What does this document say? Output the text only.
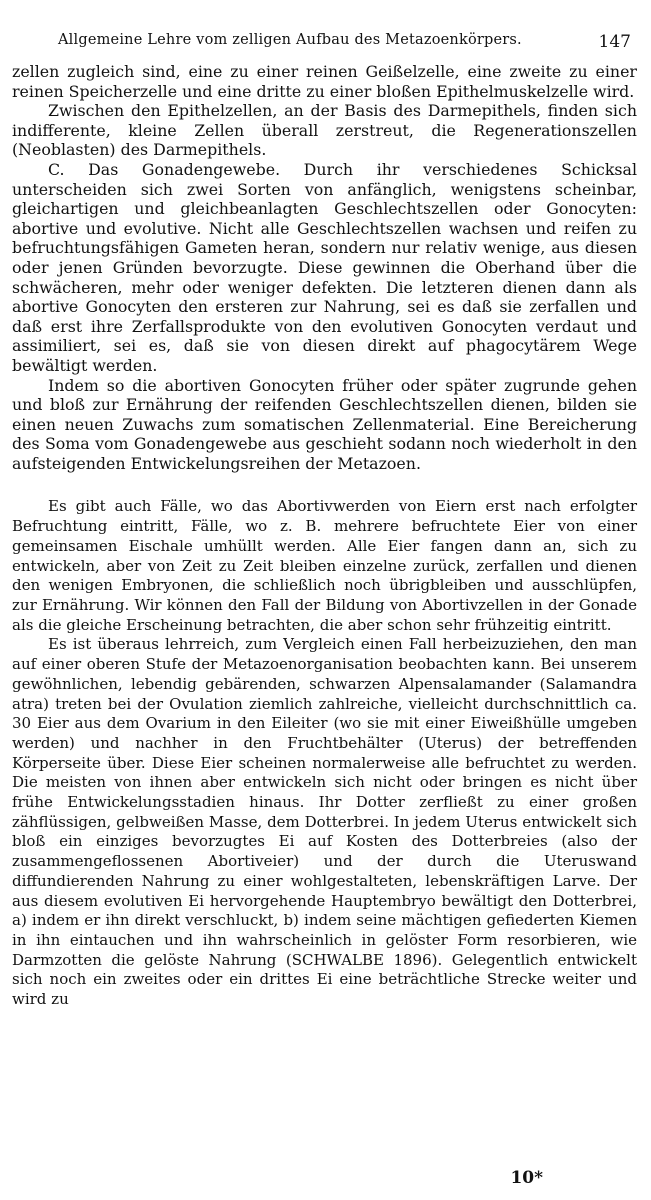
Allgemeine Lehre vom zelligen Aufbau des Metazoenkörpers.	147

zellen zugleich sind, eine zu einer reinen Geißelzelle, eine zweite zu einer reinen Speicherzelle und eine dritte zu einer bloßen Epithelmuskelzelle wird.

Zwischen den Epithelzellen, an der Basis des Darmepithels, finden sich indifferente, kleine Zellen überall zerstreut, die Regenerationszellen (Neoblasten) des Darmepithels.

C. Das Gonadengewebe. Durch ihr verschiedenes Schicksal unterscheiden sich zwei Sorten von anfänglich, wenigstens scheinbar, gleichartigen und gleichbeanlagten Geschlechtszellen oder Gonocyten: abortive und evolutive. Nicht alle Geschlechtszellen wachsen und reifen zu befruchtungsfähigen Gameten heran, sondern nur relativ wenige, aus diesen oder jenen Gründen bevorzugte. Diese gewinnen die Oberhand über die schwächeren, mehr oder weniger defekten. Die letzteren dienen dann als abortive Gonocyten den ersteren zur Nahrung, sei es daß sie zerfallen und daß erst ihre Zerfallsprodukte von den evolutiven Gonocyten verdaut und assimiliert, sei es, daß sie von diesen direkt auf phagocytärem Wege bewältigt werden.

Indem so die abortiven Gonocyten früher oder später zugrunde gehen und bloß zur Ernährung der reifenden Geschlechtszellen dienen, bilden sie einen neuen Zuwachs zum somatischen Zellenmaterial. Eine Bereicherung des Soma vom Gonadengewebe aus geschieht sodann noch wiederholt in den aufsteigenden Entwickelungsreihen der Metazoen.

Es gibt auch Fälle, wo das Abortivwerden von Eiern erst nach erfolgter Befruchtung eintritt, Fälle, wo z. B. mehrere befruchtete Eier von einer gemeinsamen Eischale umhüllt werden. Alle Eier fangen dann an, sich zu entwickeln, aber von Zeit zu Zeit bleiben einzelne zurück, zerfallen und dienen den wenigen Embryonen, die schließlich noch übrigbleiben und ausschlüpfen, zur Ernährung. Wir können den Fall der Bildung von Abortivzellen in der Gonade als die gleiche Erscheinung betrachten, die aber schon sehr frühzeitig eintritt.

Es ist überaus lehrreich, zum Vergleich einen Fall herbeizuziehen, den man auf einer oberen Stufe der Metazoenorganisation beobachten kann. Bei unserem gewöhnlichen, lebendig gebärenden, schwarzen Alpensalamander (Salamandra atra) treten bei der Ovulation ziemlich zahlreiche, vielleicht durchschnittlich ca. 30 Eier aus dem Ovarium in den Eileiter (wo sie mit einer Eiweißhülle umgeben werden) und nachher in den Fruchtbehälter (Uterus) der betreffenden Körperseite über. Diese Eier scheinen normalerweise alle befruchtet zu werden. Die meisten von ihnen aber entwickeln sich nicht oder bringen es nicht über frühe Entwickelungsstadien hinaus. Ihr Dotter zerfließt zu einer großen zähflüssigen, gelbweißen Masse, dem Dotterbrei. In jedem Uterus entwickelt sich bloß ein einziges bevorzugtes Ei auf Kosten des Dotterbreies (also der zusammengeflossenen Abortiveier) und der durch die Uteruswand diffundierenden Nahrung zu einer wohlgestalteten, lebenskräftigen Larve. Der aus diesem evolutiven Ei hervorgehende Hauptembryo bewältigt den Dotterbrei, a) indem er ihn direkt verschluckt, b) indem seine mächtigen gefiederten Kiemen in ihn eintauchen und ihn wahrscheinlich in gelöster Form resorbieren, wie Darmzotten die gelöste Nahrung (SCHWALBE 1896). Gelegentlich entwickelt sich noch ein zweites oder ein drittes Ei eine beträchtliche Strecke weiter und wird zu

10*
